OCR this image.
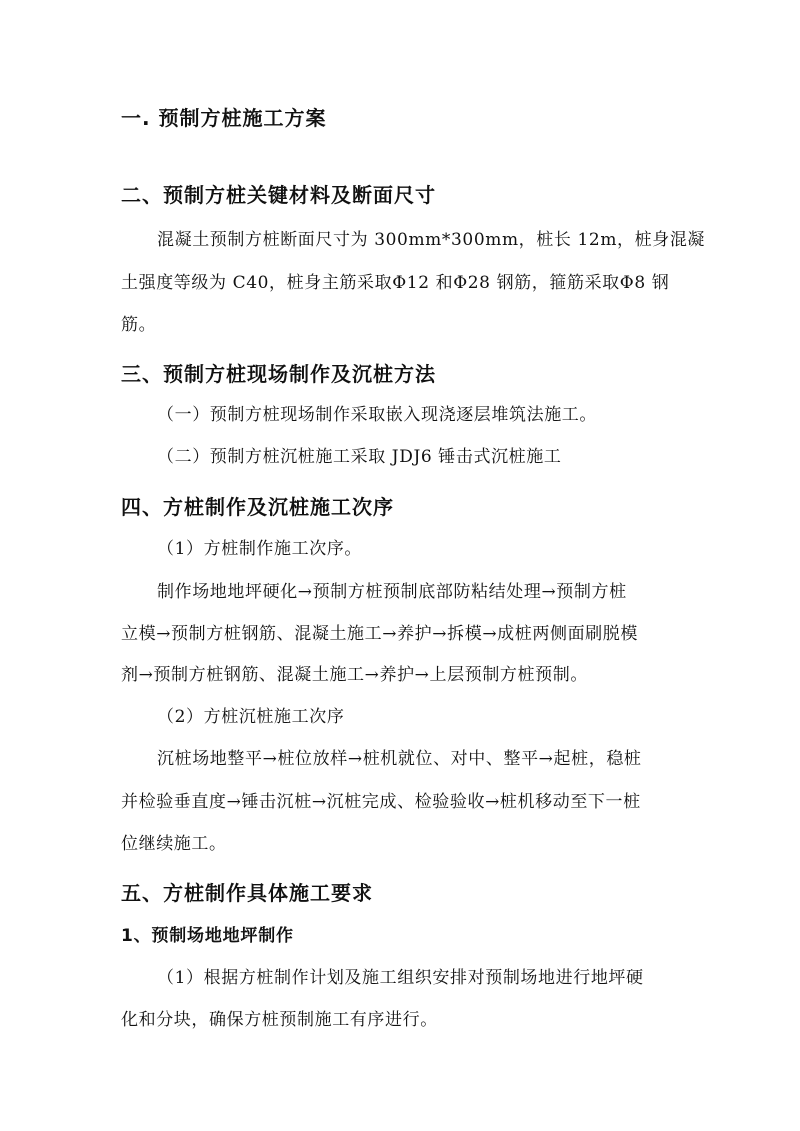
一. 预制方桩施工方案
二、预制方桩关键材料及断面尺寸
混凝土预制方桩断面尺寸为 300mm*300mm，桩长 12m，桩身混凝
土强度等级为 C40，桩身主筋采取Φ12 和Φ28 钢筋，箍筋采取Φ8 钢
筋。
三、预制方桩现场制作及沉桩方法
（一）预制方桩现场制作采取嵌入现浇逐层堆筑法施工。
（二）预制方桩沉桩施工采取 JDJ6 锤击式沉桩施工
四、方桩制作及沉桩施工次序
（1）方桩制作施工次序。
制作场地地坪硬化→预制方桩预制底部防粘结处理→预制方桩
立模→预制方桩钢筋、混凝土施工→养护→拆模→成桩两侧面刷脱模
剂→预制方桩钢筋、混凝土施工→养护→上层预制方桩预制。
（2）方桩沉桩施工次序
沉桩场地整平→桩位放样→桩机就位、对中、整平→起桩，稳桩
并检验垂直度→锤击沉桩→沉桩完成、检验验收→桩机移动至下一桩
位继续施工。
五、方桩制作具体施工要求
1、预制场地地坪制作
（1）根据方桩制作计划及施工组织安排对预制场地进行地坪硬
化和分块，确保方桩预制施工有序进行。
